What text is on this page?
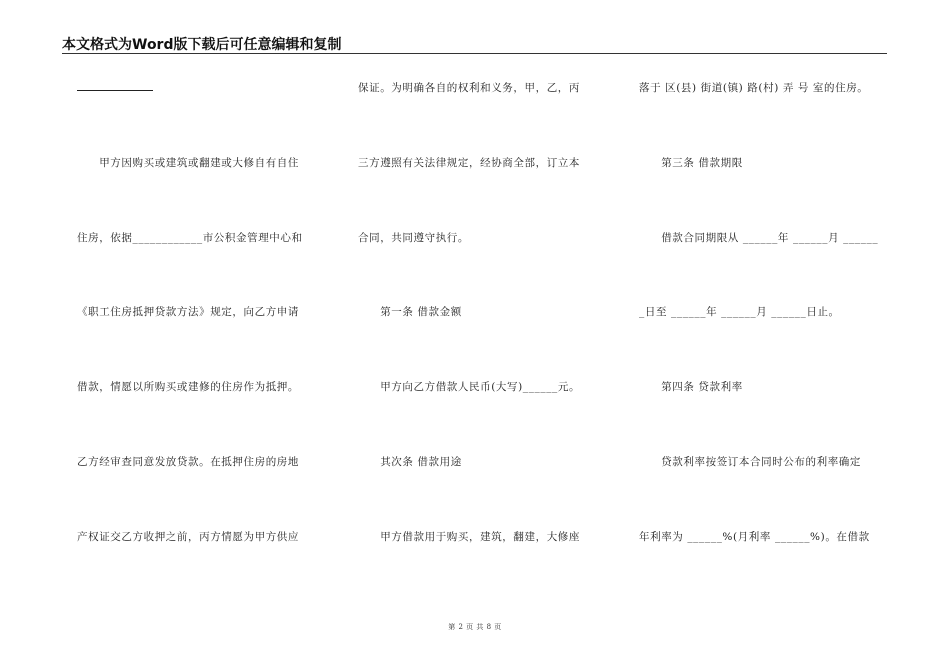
本文格式为Word版下载后可任意编辑和复制
　　甲方因购买或建筑或翻建或大修自有自住
住房，依据____________市公积金管理中心和
《职工住房抵押贷款方法》规定，向乙方申请
借款，情愿以所购买或建修的住房作为抵押。
乙方经审查同意发放贷款。在抵押住房的房地
产权证交乙方收押之前，丙方情愿为甲方供应
保证。为明确各自的权利和义务，甲，乙，丙
三方遵照有关法律规定，经协商全部，订立本
合同，共同遵守执行。
　　第一条 借款金额
　　甲方向乙方借款人民币(大写)______元。
　　其次条 借款用途
　　甲方借款用于购买，建筑，翻建，大修座
落于 区(县) 街道(镇) 路(村) 弄 号 室的住房。
　　第三条 借款期限
　　借款合同期限从 ______年 ______月 ______
_日至 ______年 ______月 ______日止。
　　第四条 贷款利率
　　贷款利率按签订本合同时公布的利率确定
年利率为 ______%(月利率 ______%)。在借款
第 2 页 共 8 页
